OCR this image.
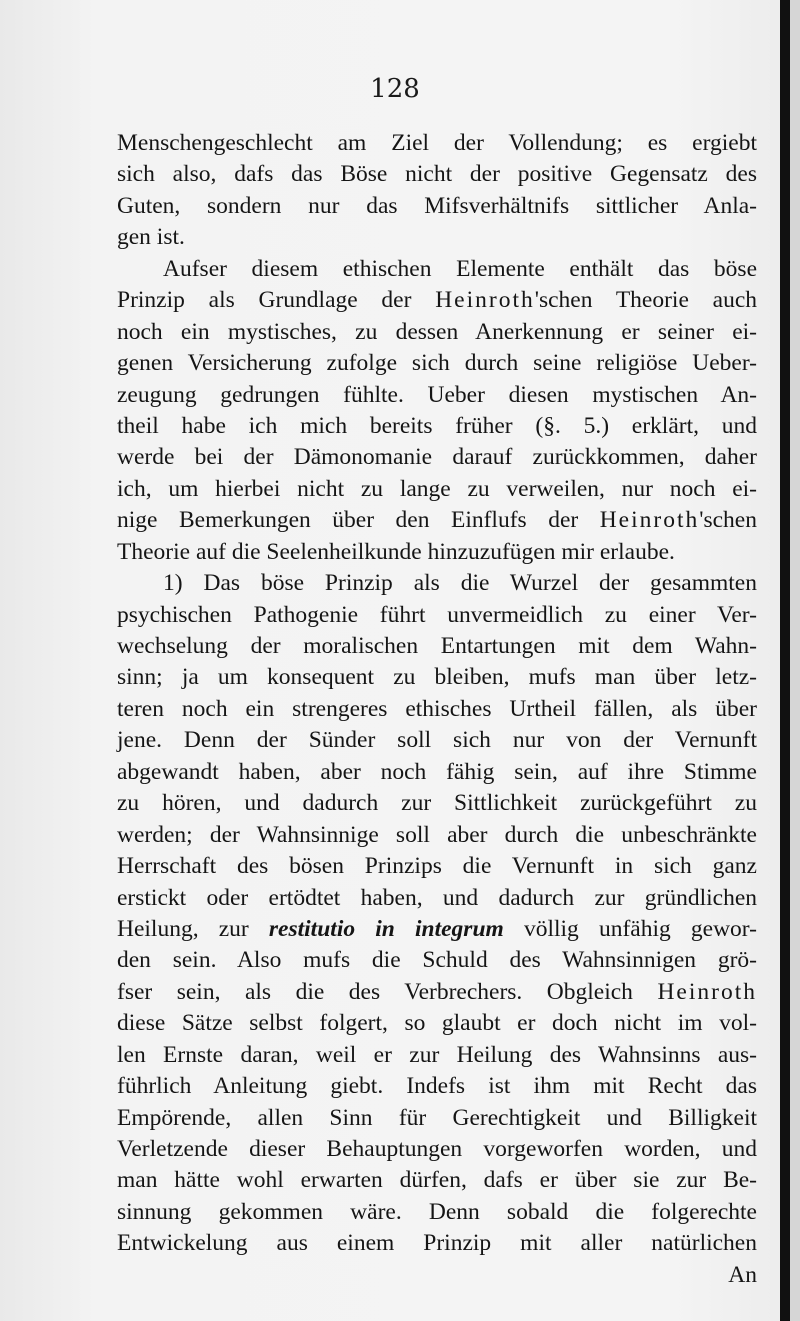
128
Menschengeschlecht am Ziel der Vollendung; es ergiebt
sich also, dafs das Böse nicht der positive Gegensatz des
Guten, sondern nur das Mifsverhältnifs sittlicher Anla-
gen ist.
Aufser diesem ethischen Elemente enthält das böse
Prinzip als Grundlage der Heinroth'schen Theorie auch
noch ein mystisches, zu dessen Anerkennung er seiner ei-
genen Versicherung zufolge sich durch seine religiöse Ueber-
zeugung gedrungen fühlte. Ueber diesen mystischen An-
theil habe ich mich bereits früher (§. 5.) erklärt, und
werde bei der Dämonomanie darauf zurückkommen, daher
ich, um hierbei nicht zu lange zu verweilen, nur noch ei-
nige Bemerkungen über den Einflufs der Heinroth'schen
Theorie auf die Seelenheilkunde hinzuzufügen mir erlaube.
1) Das böse Prinzip als die Wurzel der gesammten
psychischen Pathogenie führt unvermeidlich zu einer Ver-
wechselung der moralischen Entartungen mit dem Wahn-
sinn; ja um konsequent zu bleiben, mufs man über letz-
teren noch ein strengeres ethisches Urtheil fällen, als über
jene. Denn der Sünder soll sich nur von der Vernunft
abgewandt haben, aber noch fähig sein, auf ihre Stimme
zu hören, und dadurch zur Sittlichkeit zurückgeführt zu
werden; der Wahnsinnige soll aber durch die unbeschränkte
Herrschaft des bösen Prinzips die Vernunft in sich ganz
erstickt oder ertödtet haben, und dadurch zur gründlichen
Heilung, zur restitutio in integrum völlig unfähig gewor-
den sein. Also mufs die Schuld des Wahnsinnigen grö-
fser sein, als die des Verbrechers. Obgleich Heinroth
diese Sätze selbst folgert, so glaubt er doch nicht im vol-
len Ernste daran, weil er zur Heilung des Wahnsinns aus-
führlich Anleitung giebt. Indefs ist ihm mit Recht das
Empörende, allen Sinn für Gerechtigkeit und Billigkeit
Verletzende dieser Behauptungen vorgeworfen worden, und
man hätte wohl erwarten dürfen, dafs er über sie zur Be-
sinnung gekommen wäre. Denn sobald die folgerechte
Entwickelung aus einem Prinzip mit aller natürlichen
An
